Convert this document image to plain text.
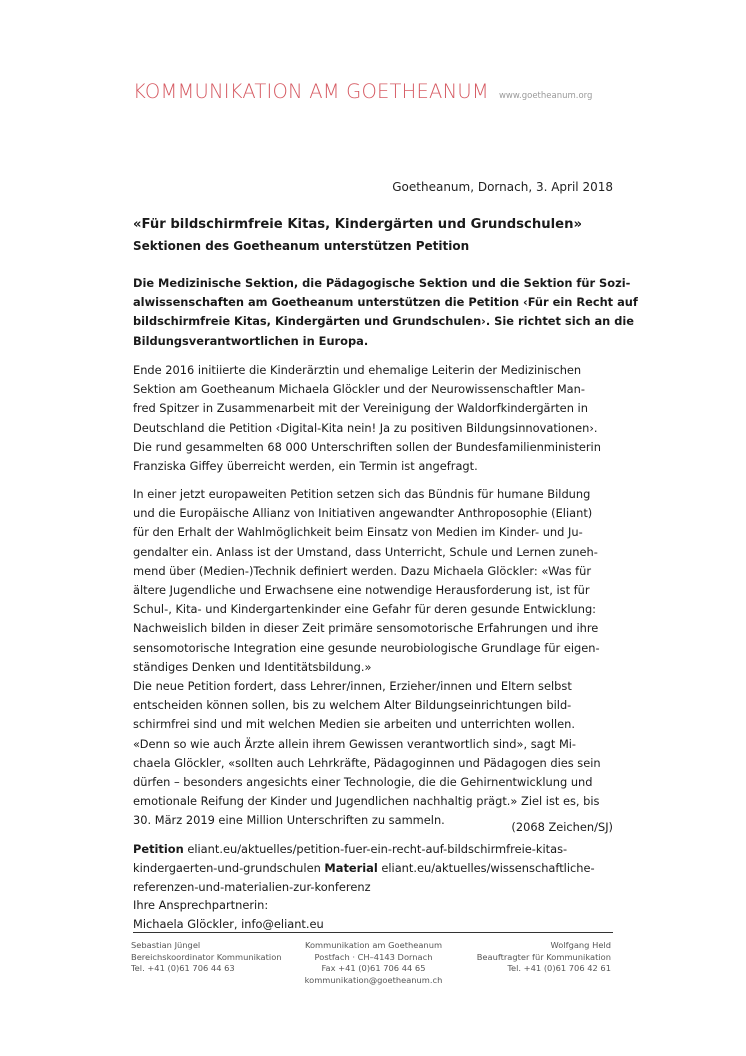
KOMMUNIKATION AM GOETHEANUM www.goetheanum.org
Goetheanum, Dornach, 3. April 2018
«Für bildschirmfreie Kitas, Kindergärten und Grundschulen»
Sektionen des Goetheanum unterstützen Petition
Die Medizinische Sektion, die Pädagogische Sektion und die Sektion für Sozi-
alwissenschaften am Goetheanum unterstützen die Petition ‹Für ein Recht auf
bildschirmfreie Kitas, Kindergärten und Grundschulen›. Sie richtet sich an die
Bildungsverantwortlichen in Europa.
Ende 2016 initiierte die Kinderärztin und ehemalige Leiterin der Medizinischen
Sektion am Goetheanum Michaela Glöckler und der Neurowissenschaftler Man-
fred Spitzer in Zusammenarbeit mit der Vereinigung der Waldorfkindergärten in
Deutschland die Petition ‹Digital-Kita nein! Ja zu positiven Bildungsinnovationen›.
Die rund gesammelten 68 000 Unterschriften sollen der Bundesfamilienministerin
Franziska Giffey überreicht werden, ein Termin ist angefragt.
In einer jetzt europaweiten Petition setzen sich das Bündnis für humane Bildung
und die Europäische Allianz von Initiativen angewandter Anthroposophie (Eliant)
für den Erhalt der Wahlmöglichkeit beim Einsatz von Medien im Kinder- und Ju-
gendalter ein. Anlass ist der Umstand, dass Unterricht, Schule und Lernen zuneh-
mend über (Medien-)Technik definiert werden. Dazu Michaela Glöckler: «Was für
ältere Jugendliche und Erwachsene eine notwendige Herausforderung ist, ist für
Schul-, Kita- und Kindergartenkinder eine Gefahr für deren gesunde Entwicklung:
Nachweislich bilden in dieser Zeit primäre sensomotorische Erfahrungen und ihre
sensomotorische Integration eine gesunde neurobiologische Grundlage für eigen-
ständiges Denken und Identitätsbildung.»
Die neue Petition fordert, dass Lehrer/innen, Erzieher/innen und Eltern selbst
entscheiden können sollen, bis zu welchem Alter Bildungseinrichtungen bild-
schirmfrei sind und mit welchen Medien sie arbeiten und unterrichten wollen.
«Denn so wie auch Ärzte allein ihrem Gewissen verantwortlich sind», sagt Mi-
chaela Glöckler, «sollten auch Lehrkräfte, Pädagoginnen und Pädagogen dies sein
dürfen – besonders angesichts einer Technologie, die die Gehirnentwicklung und
emotionale Reifung der Kinder und Jugendlichen nachhaltig prägt.» Ziel ist es, bis
30. März 2019 eine Million Unterschriften zu sammeln.	(2068 Zeichen/SJ)
Petition eliant.eu/aktuelles/petition-fuer-ein-recht-auf-bildschirmfreie-kitas-
kindergaerten-und-grundschulen Material eliant.eu/aktuelles/wissenschaftliche-
referenzen-und-materialien-zur-konferenz
Ihre Ansprechpartnerin:
Michaela Glöckler, info@eliant.eu
Sebastian Jüngel
Bereichskoordinator Kommunikation
Tel. +41 (0)61 706 44 63
Kommunikation am Goetheanum
Postfach · CH–4143 Dornach
Fax +41 (0)61 706 44 65
kommunikation@goetheanum.ch
Wolfgang Held
Beauftragter für Kommunikation
Tel. +41 (0)61 706 42 61
